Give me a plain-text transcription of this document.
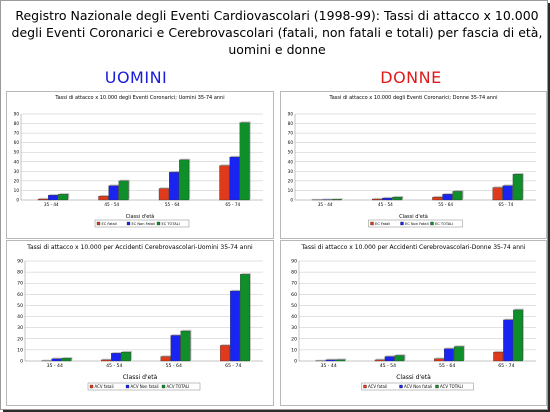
Registro Nazionale degli Eventi Cardiovascolari (1998-99): Tassi di attacco x 10.000 degli Eventi Coronarici e Cerebrovascolari (fatali, non fatali e totali) per fascia di età, uomini e donne
UOMINI	DONNE
Tassi di attacco x 10.000 degli Eventi Coronarici; Uomini 35-74 anni
0
10
20
30
40
50
60
70
80
90
35 - 44	45 - 54	55 - 64	65 - 74
EC Fatali	EC Non Fatali EC TOTALI
Classi d'età
Tassi di attacco x 10.000 degli Eventi Coronarici; Donne 35-74 anni
0
10
20
30
40
50
60
70
80
90
35 - 44	45 - 54	55 - 64	65 - 74
EC Fatali	EC Non Fatali EC TOTALI
Classi d'età
Tassi di attacco x 10.000 per Accidenti Cerebrovascolari-Uomini 35-74 anni
0
10
20
30
40
50
60
70
80
90
35 - 44	45 - 54	55 - 64	65 - 74
ACV fatali	ACV Non fatali ACV TOTALI
Classi d'età
Tassi di attacco x 10.000 per Accidenti Cerebrovascolari-Donne 35-74 anni
0
10
20
30
40
50
60
70
80
90
35 - 44	45 - 54	55 - 64	65 - 74
ACV fatali	ACV Non fatali ACV TOTALI
Classi d'età
